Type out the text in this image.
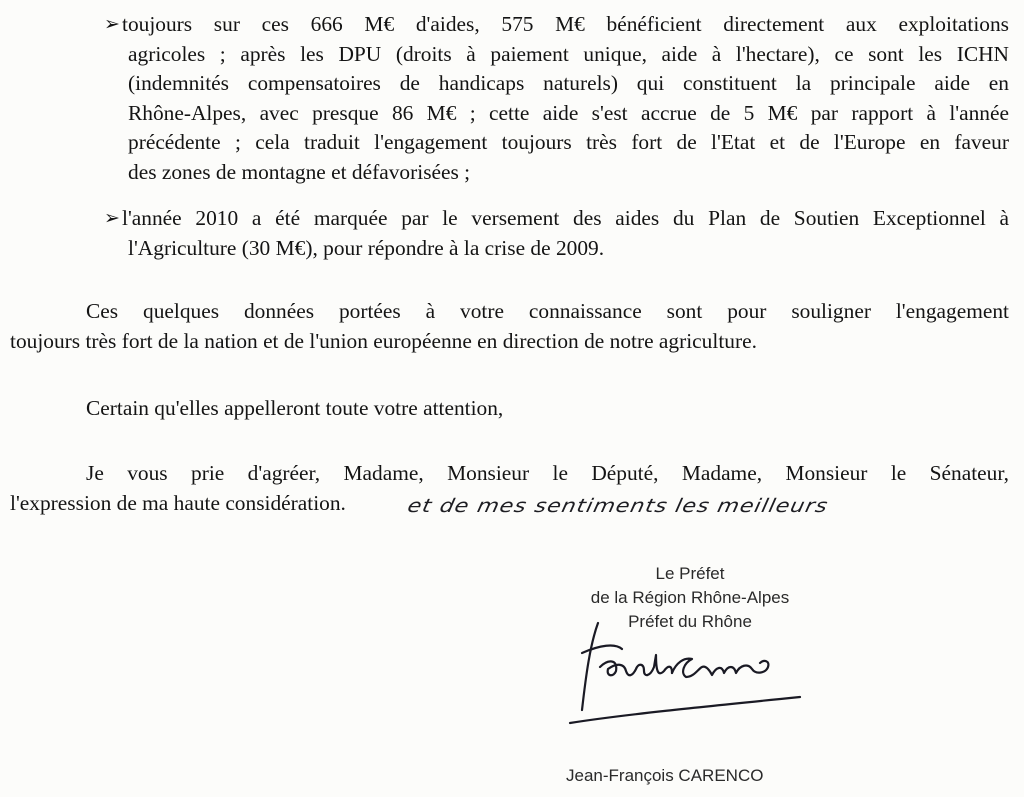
➢ toujours sur ces 666 M€ d'aides, 575 M€ bénéficient directement aux exploitations
agricoles ; après les DPU (droits à paiement unique, aide à l'hectare), ce sont les ICHN
(indemnités compensatoires de handicaps naturels) qui constituent la principale aide en
Rhône-Alpes, avec presque 86 M€ ; cette aide s'est accrue de 5 M€ par rapport à l'année
précédente ; cela traduit l'engagement toujours très fort de l'Etat et de l'Europe en faveur
des zones de montagne et défavorisées ;
➢ l'année 2010 a été marquée par le versement des aides du Plan de Soutien Exceptionnel à
l'Agriculture (30 M€), pour répondre à la crise de 2009.
Ces quelques données portées à votre connaissance sont pour souligner l'engagement
toujours très fort de la nation et de l'union européenne en direction de notre agriculture.
Certain qu'elles appelleront toute votre attention,
Je vous prie d'agréer, Madame, Monsieur le Député, Madame, Monsieur le Sénateur,
l'expression de ma haute considération.	et de mes sentiments les meilleurs
Le Préfet
de la Région Rhône-Alpes
Préfet du Rhône
Jean-François CARENCO
